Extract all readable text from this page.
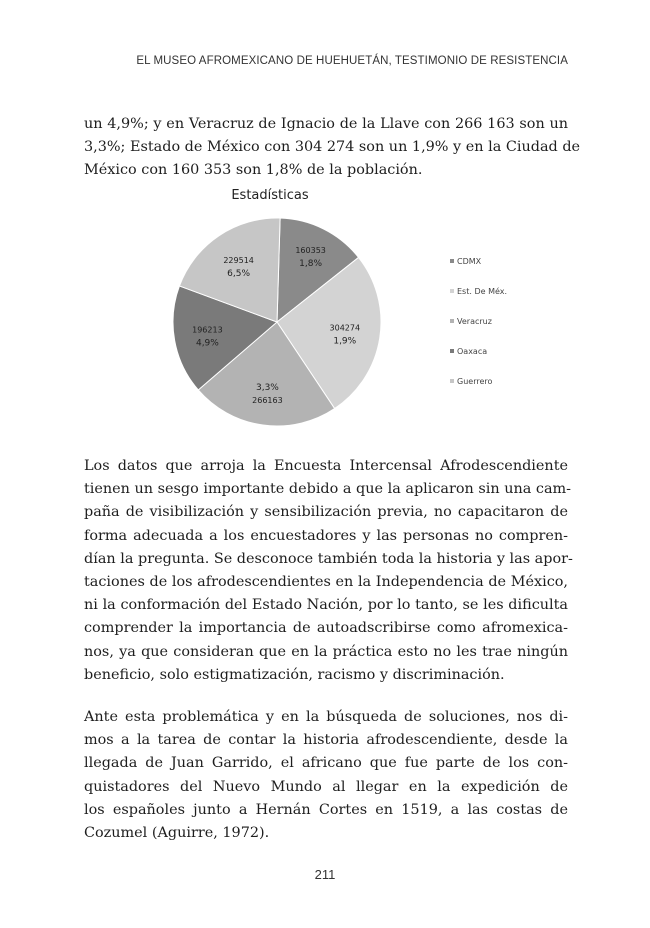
EL MUSEO AFROMEXICANO DE HUEHUETÁN, TESTIMONIO DE RESISTENCIA

un 4,9%; y en Veracruz de Ignacio de la Llave con 266 163 son un
3,3%; Estado de México con 304 274 son un 1,9% y en la Ciudad de
México con 160 353 son 1,8% de la población.

160353
1,8%
304274
1,9%
3,3%
266163
196213
4,9%
229514
6,5%
Estadísticas
CDMX
Est. De Méx.
Veracruz
Oaxaca
Guerrero

Los datos que arroja la Encuesta Intercensal Afrodescendiente
tienen un sesgo importante debido a que la aplicaron sin una cam-
paña de visibilización y sensibilización previa, no capacitaron de
forma adecuada a los encuestadores y las personas no compren-
dían la pregunta. Se desconoce también toda la historia y las apor-
taciones de los afrodescendientes en la Independencia de México,
ni la conformación del Estado Nación, por lo tanto, se les dificulta
comprender la importancia de autoadscribirse como afromexica-
nos, ya que consideran que en la práctica esto no les trae ningún
beneficio, solo estigmatización, racismo y discriminación.

Ante esta problemática y en la búsqueda de soluciones, nos di-
mos a la tarea de contar la historia afrodescendiente, desde la
llegada de Juan Garrido, el africano que fue parte de los con-
quistadores del Nuevo Mundo al llegar en la expedición de
los españoles junto a Hernán Cortes en 1519, a las costas de
Cozumel (Aguirre, 1972).

211
